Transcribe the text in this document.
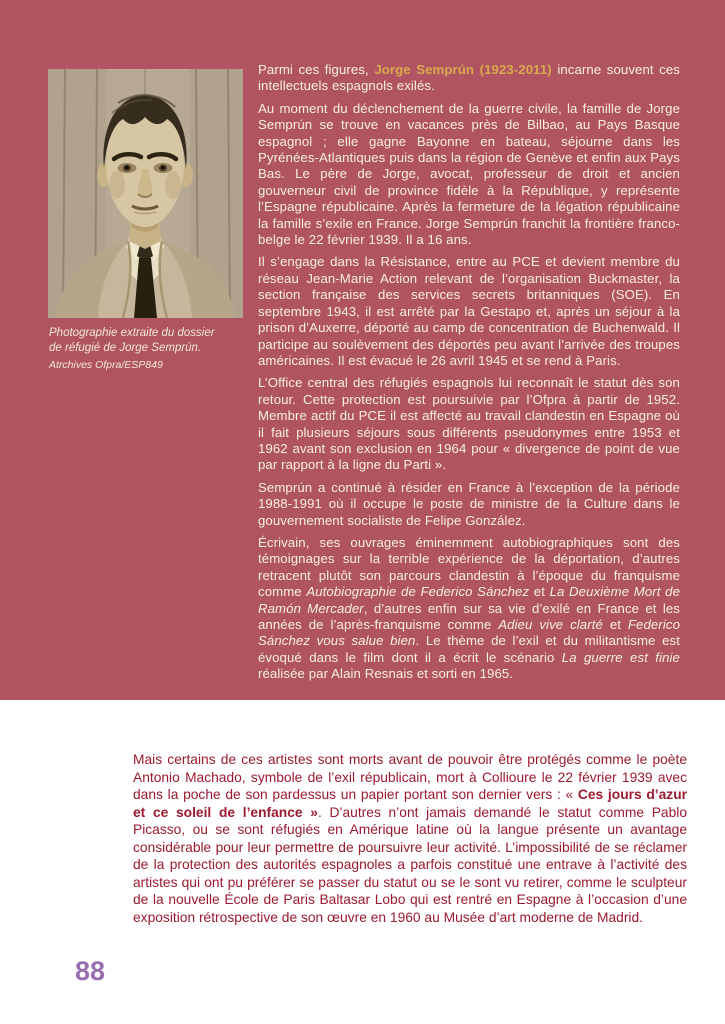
Photographie extraite du dossier
de réfugié de Jorge Semprún.
Atrchives Ofpra/ESP849

Parmi ces figures, Jorge Semprún (1923-2011) incarne souvent ces intellectuels espagnols exilés.

Au moment du déclenchement de la guerre civile, la famille de Jorge Semprún se trouve en vacances près de Bilbao, au Pays Basque espagnol ; elle gagne Bayonne en bateau, séjourne dans les Pyrénées-Atlantiques puis dans la région de Genève et enfin aux Pays Bas. Le père de Jorge, avocat, professeur de droit et ancien gouverneur civil de province fidèle à la République, y représente l’Espagne républicaine. Après la fermeture de la légation républicaine la famille s’exile en France. Jorge Semprún franchit la frontière franco-belge le 22 février 1939. Il a 16 ans.

Il s’engage dans la Résistance, entre au PCE et devient membre du réseau Jean-Marie Action relevant de l’organisation Buckmaster, la section française des services secrets britanniques (SOE). En septembre 1943, il est arrêté par la Gestapo et, après un séjour à la prison d’Auxerre, déporté au camp de concentration de Buchenwald. Il participe au soulèvement des déportés peu avant l’arrivée des troupes américaines. Il est évacué le 26 avril 1945 et se rend à Paris.

L’Office central des réfugiés espagnols lui reconnaît le statut dès son retour. Cette protection est poursuivie par l’Ofpra à partir de 1952. Membre actif du PCE il est affecté au travail clandestin en Espagne où il fait plusieurs séjours sous différents pseudonymes entre 1953 et 1962 avant son exclusion en 1964 pour « divergence de point de vue par rapport à la ligne du Parti ».

Semprún a continué à résider en France à l’exception de la période 1988-1991 où il occupe le poste de ministre de la Culture dans le gouvernement socialiste de Felipe González.

Écrivain, ses ouvrages éminemment autobiographiques sont des témoignages sur la terrible expérience de la déportation, d’autres retracent plutôt son parcours clandestin à l’époque du franquisme comme Autobiographie de Federico Sánchez et La Deuxième Mort de Ramón Mercader, d’autres enfin sur sa vie d’exilé en France et les années de l’après-franquisme comme Adieu vive clarté et Federico Sánchez vous salue bien. Le thème de l’exil et du militantisme est évoqué dans le film dont il a écrit le scénario La guerre est finie réalisée par Alain Resnais et sorti en 1965.

Mais certains de ces artistes sont morts avant de pouvoir être protégés comme le poète Antonio Machado, symbole de l’exil républicain, mort à Collioure le 22 février 1939 avec dans la poche de son pardessus un papier portant son dernier vers : « Ces jours d’azur et ce soleil de l’enfance ». D’autres n’ont jamais demandé le statut comme Pablo Picasso, ou se sont réfugiés en Amérique latine où la langue présente un avantage considérable pour leur permettre de poursuivre leur activité. L’impossibilité de se réclamer de la protection des autorités espagnoles a parfois constitué une entrave à l’activité des artistes qui ont pu préférer se passer du statut ou se le sont vu retirer, comme le sculpteur de la nouvelle École de Paris Baltasar Lobo qui est rentré en Espagne à l’occasion d’une exposition rétrospective de son œuvre en 1960 au Musée d’art moderne de Madrid.
88
